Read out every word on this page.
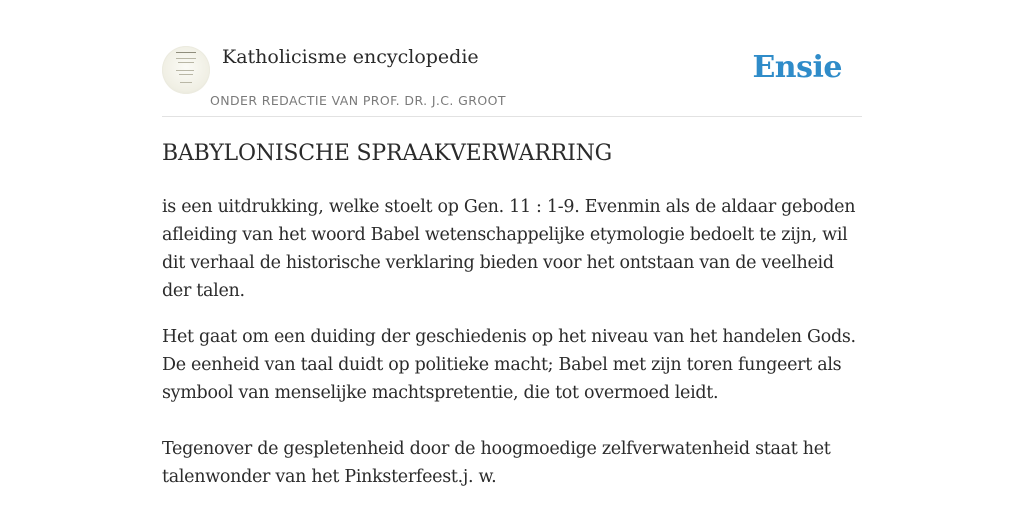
Katholicisme encyclopedie
ONDER REDACTIE VAN PROF. DR. J.C. GROOT
Ensie
BABYLONISCHE SPRAAKVERWARRING

is een uitdrukking, welke stoelt op Gen. 11 : 1-9. Evenmin als de aldaar geboden afleiding van het woord Babel wetenschappelijke etymologie bedoelt te zijn, wil dit verhaal de historische verklaring bieden voor het ontstaan van de veelheid der talen.

Het gaat om een duiding der geschiedenis op het niveau van het handelen Gods. De eenheid van taal duidt op politieke macht; Babel met zijn toren fungeert als symbool van menselijke machtspretentie, die tot overmoed leidt.

Tegenover de gespletenheid door de hoogmoedige zelfverwatenheid staat het talenwonder van het Pinksterfeest.j. w.
